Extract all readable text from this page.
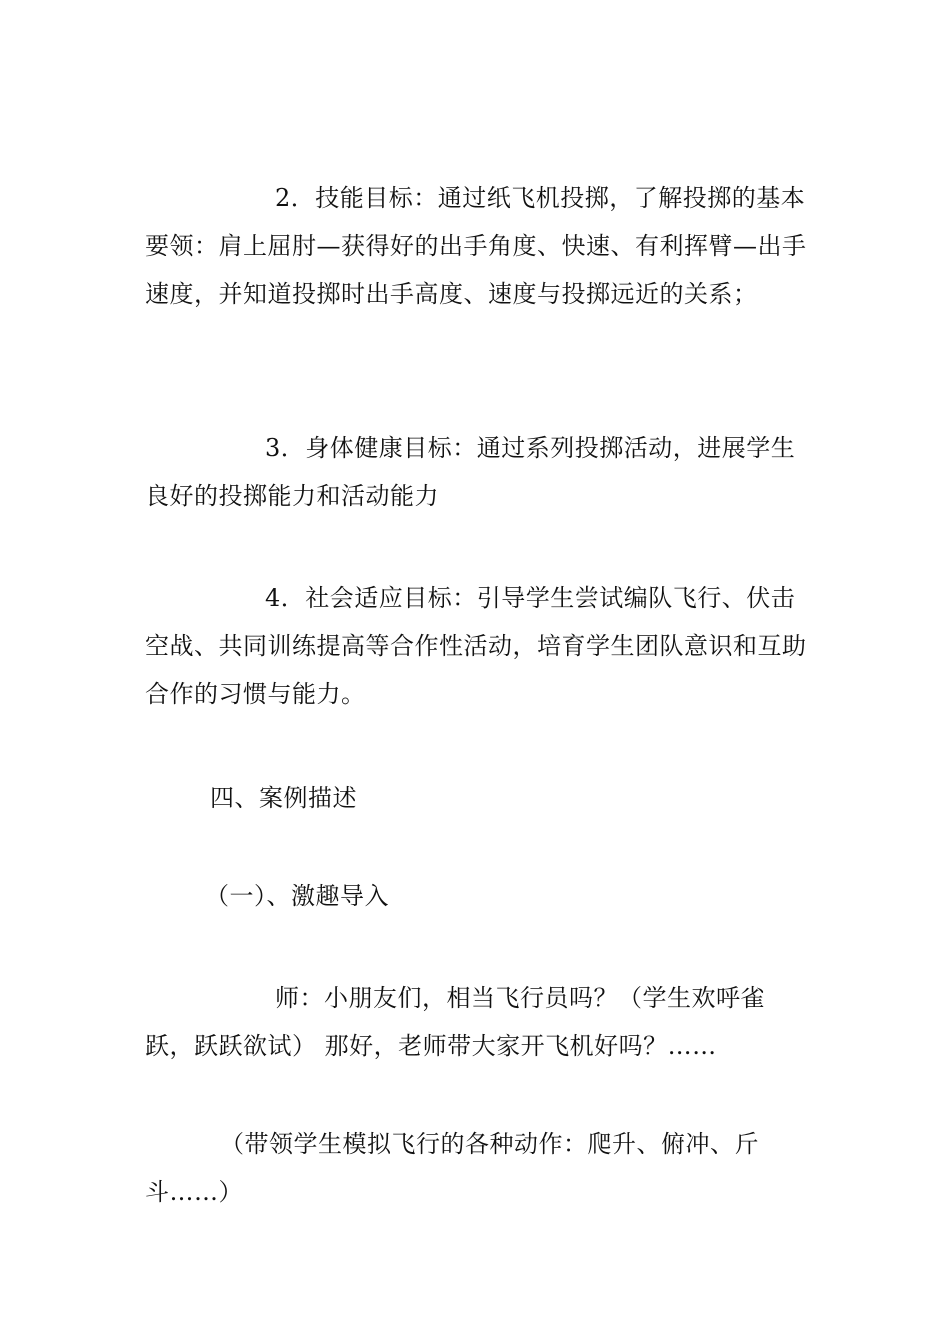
2．技能目标：通过纸飞机投掷，了解投掷的基本要领：肩上屈肘—获得好的出手角度、快速、有利挥臂—出手速度，并知道投掷时出手高度、速度与投掷远近的关系；

3．身体健康目标：通过系列投掷活动，进展学生良好的投掷能力和活动能力

4．社会适应目标：引导学生尝试编队飞行、伏击空战、共同训练提高等合作性活动，培育学生团队意识和互助合作的习惯与能力。

四、案例描述

（一）、激趣导入

师：小朋友们，相当飞行员吗？（学生欢呼雀跃，跃跃欲试） 那好，老师带大家开飞机好吗？……

（带领学生模拟飞行的各种动作：爬升、俯冲、斤斗……）
